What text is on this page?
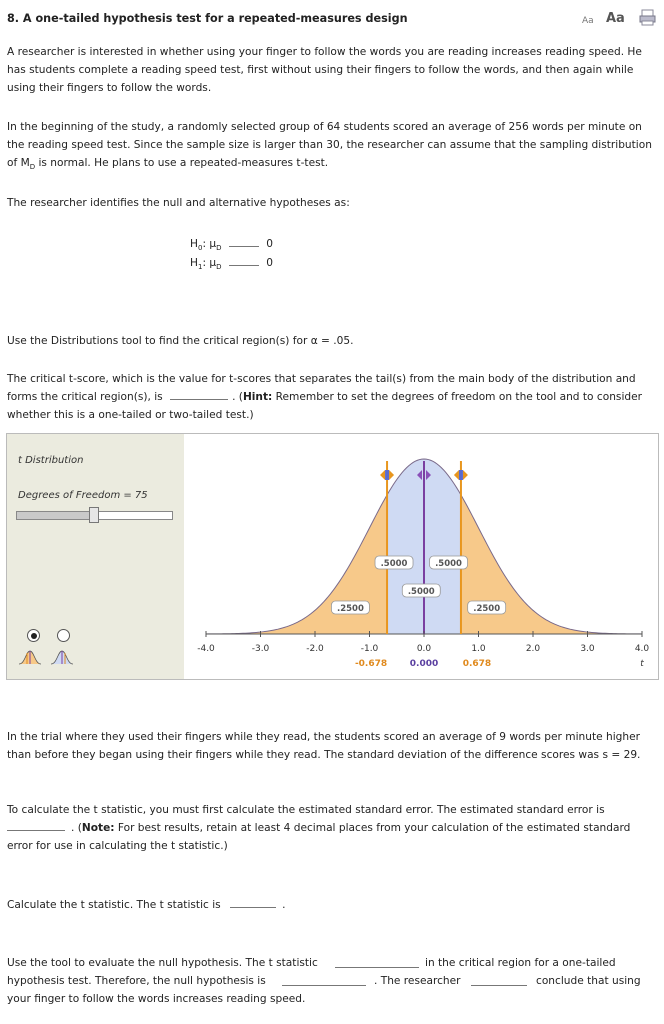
8. A one-tailed hypothesis test for a repeated-measures design	Aa Aa
A researcher is interested in whether using your finger to follow the words you are reading increases reading speed. He has students complete a reading speed test, first without using their fingers to follow the words, and then again while using their fingers to follow the words.
In the beginning of the study, a randomly selected group of 64 students scored an average of 256 words per minute on the reading speed test. Since the sample size is larger than 30, the researcher can assume that the sampling distribution of $M_D$ is normal. He plans to use a repeated-measures t-test.
The researcher identifies the null and alternative hypotheses as:
$H_0$: $\mu_D$	0
$H_1$: $\mu_D$	0
Use the Distributions tool to find the critical region(s) for α = .05.
The critical t-score, which is the value for t-scores that separates the tail(s) from the main body of the distribution and forms the critical region(s), is	. (Hint: Remember to set the degrees of freedom on the tool and to consider whether this is a one-tailed or two-tailed test.)
t Distribution
Degrees of Freedom = 75
-4.0	-3.0	-2.0	-1.0	0.0	1.0	2.0	3.0	4.0
-0.678	0.000	0.678	t
.5000	.5000
.5000
.2500	.2500
In the trial where they used their fingers while they read, the students scored an average of 9 words per minute higher than before they began using their fingers while they read. The standard deviation of the difference scores was s = 29.
To calculate the t statistic, you must first calculate the estimated standard error. The estimated standard error is
. (Note: For best results, retain at least 4 decimal places from your calculation of the estimated standard error for use in calculating the t statistic.)
Calculate the t statistic. The t statistic is	.
Use the tool to evaluate the null hypothesis. The t statistic	in the critical region for a one-tailed
hypothesis test. Therefore, the null hypothesis is	. The researcher	conclude that using
your finger to follow the words increases reading speed.
